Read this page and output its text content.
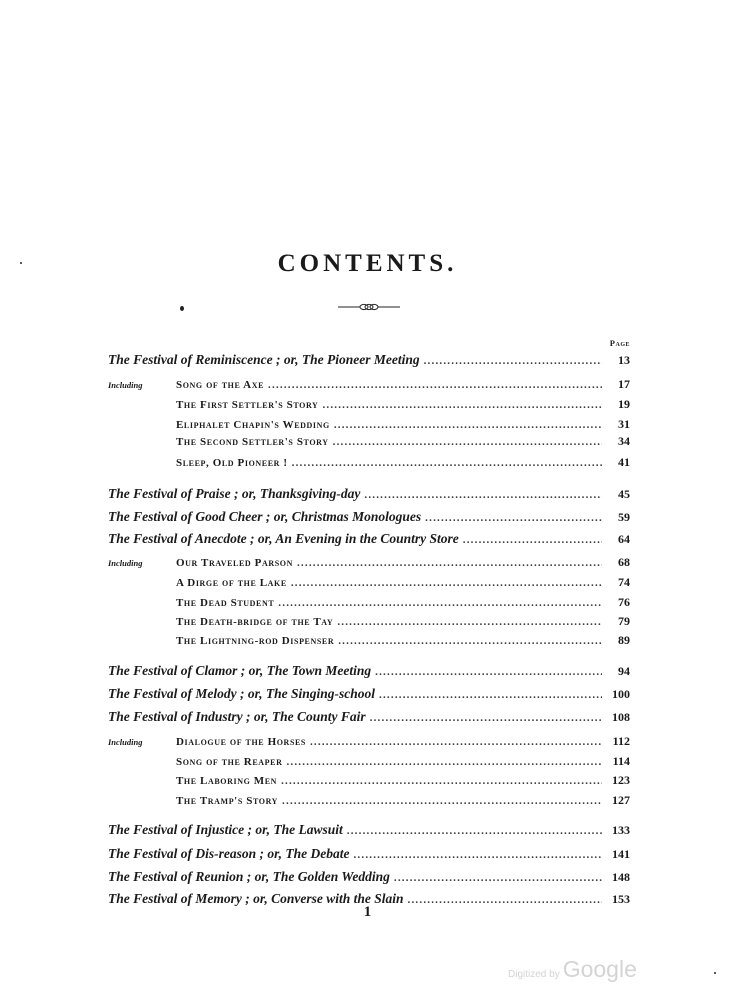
CONTENTS.
Page
The Festival of Reminiscence ; or, The Pioneer Meeting .....	13
Including	Song of the Axe .....	17
The First Settler's Story .....	19
Eliphalet Chapin's Wedding .....	31
The Second Settler's Story .....	34
Sleep, Old Pioneer ! .....	41
The Festival of Praise ; or, Thanksgiving-day .....	45
The Festival of Good Cheer ; or, Christmas Monologues .....	59
The Festival of Anecdote ; or, An Evening in the Country Store .....	64
Including	Our Traveled Parson .....	68
A Dirge of the Lake .....	74
The Dead Student .....	76
The Death-bridge of the Tay .....	79
The Lightning-rod Dispenser .....	89
The Festival of Clamor ; or, The Town Meeting .....	94
The Festival of Melody ; or, The Singing-school .....	100
The Festival of Industry ; or, The County Fair .....	108
Including	Dialogue of the Horses .....	112
Song of the Reaper .....	114
The Laboring Men .....	123
The Tramp's Story .....	127
The Festival of Injustice ; or, The Lawsuit .....	133
The Festival of Dis-reason ; or, The Debate .....	141
The Festival of Reunion ; or, The Golden Wedding .....	148
The Festival of Memory ; or, Converse with the Slain .....	153
1
Digitized by Google
